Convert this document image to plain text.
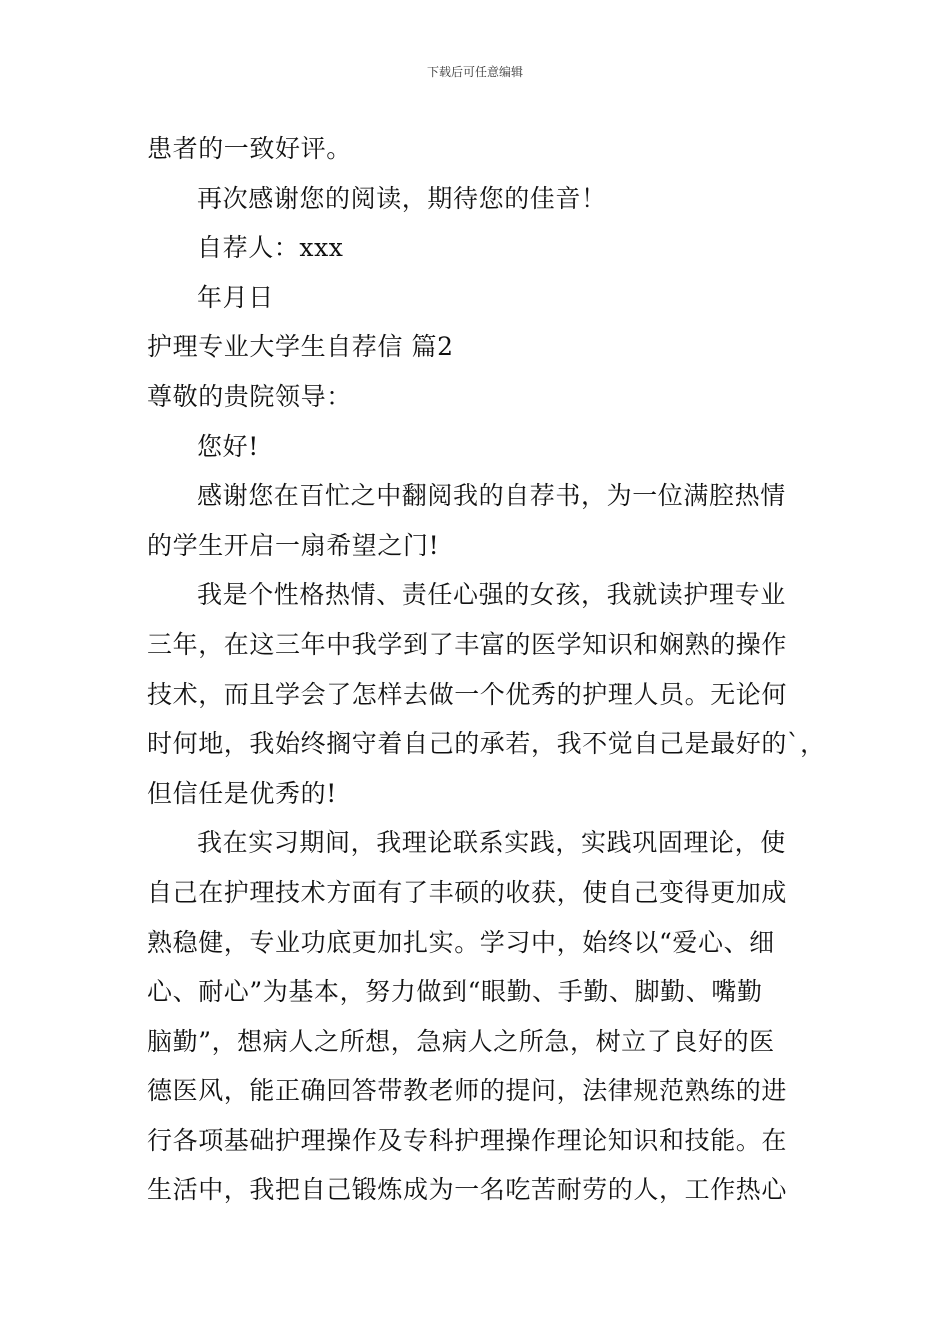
下载后可任意编辑
患者的一致好评。
再次感谢您的阅读，期待您的佳音！
自荐人：xxx
年月日
护理专业大学生自荐信 篇2
尊敬的贵院领导：
您好!
感谢您在百忙之中翻阅我的自荐书，为一位满腔热情
的学生开启一扇希望之门!
我是个性格热情、责任心强的女孩，我就读护理专业
三年，在这三年中我学到了丰富的医学知识和娴熟的操作
技术，而且学会了怎样去做一个优秀的护理人员。无论何
时何地，我始终搁守着自己的承若，我不觉自己是最好的`，
但信任是优秀的!
我在实习期间，我理论联系实践，实践巩固理论，使
自己在护理技术方面有了丰硕的收获，使自己变得更加成
熟稳健，专业功底更加扎实。学习中，始终以“爱心、细
心、耐心”为基本，努力做到“眼勤、手勤、脚勤、嘴勤
脑勤”，想病人之所想，急病人之所急，树立了良好的医
德医风，能正确回答带教老师的提问，法律规范熟练的进
行各项基础护理操作及专科护理操作理论知识和技能。在
生活中，我把自己锻炼成为一名吃苦耐劳的人，工作热心
